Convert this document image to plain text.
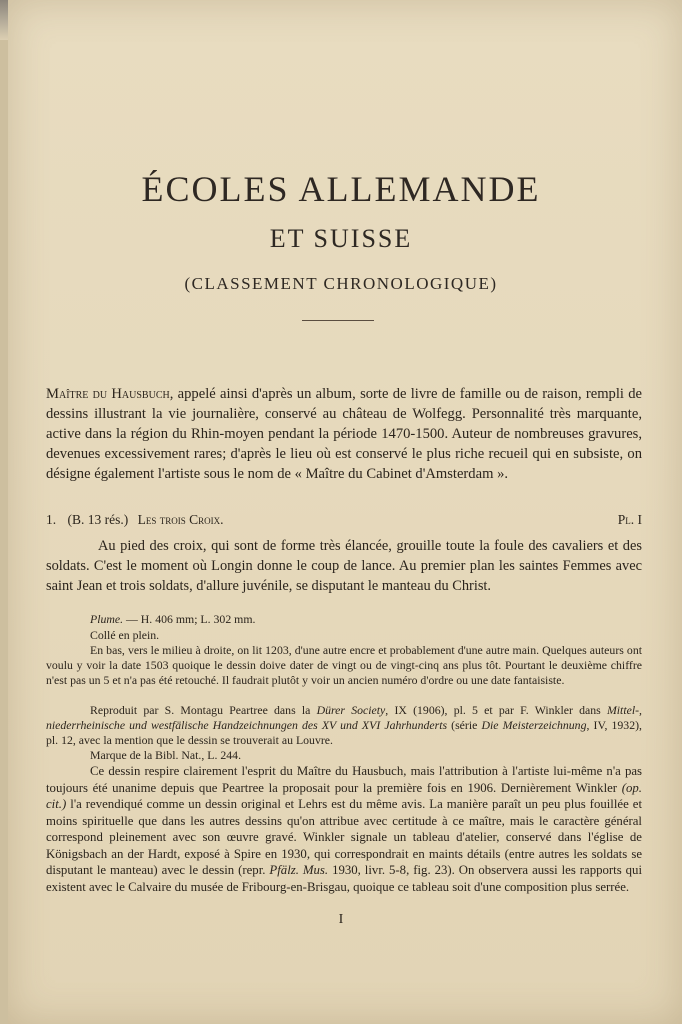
ÉCOLES ALLEMANDE
ET SUISSE
(CLASSEMENT CHRONOLOGIQUE)
Maître du Hausbuch, appelé ainsi d'après un album, sorte de livre de famille ou de raison, rempli de dessins illustrant la vie journalière, conservé au château de Wolfegg. Personnalité très marquante, active dans la région du Rhin-moyen pendant la période 1470-1500. Auteur de nombreuses gravures, devenues excessivement rares; d'après le lieu où est conservé le plus riche recueil qui en subsiste, on désigne également l'artiste sous le nom de « Maître du Cabinet d'Amsterdam ».
1. (B. 13 rés.) Les trois Croix.	Pl. I
Au pied des croix, qui sont de forme très élancée, grouille toute la foule des cavaliers et des soldats. C'est le moment où Longin donne le coup de lance. Au premier plan les saintes Femmes avec saint Jean et trois soldats, d'allure juvénile, se disputant le manteau du Christ.
Plume. — H. 406 mm; L. 302 mm.
Collé en plein.
En bas, vers le milieu à droite, on lit 1203, d'une autre encre et probablement d'une autre main. Quelques auteurs ont voulu y voir la date 1503 quoique le dessin doive dater de vingt ou de vingt-cinq ans plus tôt. Pourtant le deuxième chiffre n'est pas un 5 et n'a pas été retouché. Il faudrait plutôt y voir un ancien numéro d'ordre ou une date fantaisiste.
Reproduit par S. Montagu Peartree dans la Dürer Society, IX (1906), pl. 5 et par F. Winkler dans Mittel-, niederrheinische und westfälische Handzeichnungen des XV und XVI Jahrhunderts (série Die Meisterzeichnung, IV, 1932), pl. 12, avec la mention que le dessin se trouverait au Louvre.
Marque de la Bibl. Nat., L. 244.
Ce dessin respire clairement l'esprit du Maître du Hausbuch, mais l'attribution à l'artiste lui-même n'a pas toujours été unanime depuis que Peartree la proposait pour la première fois en 1906. Dernièrement Winkler (op. cit.) l'a revendiqué comme un dessin original et Lehrs est du même avis. La manière paraît un peu plus fouillée et moins spirituelle que dans les autres dessins qu'on attribue avec certitude à ce maître, mais le caractère général correspond pleinement avec son œuvre gravé. Winkler signale un tableau d'atelier, conservé dans l'église de Königsbach an der Hardt, exposé à Spire en 1930, qui correspondrait en maints détails (entre autres les soldats se disputant le manteau) avec le dessin (repr. Pfälz. Mus. 1930, livr. 5-8, fig. 23). On observera aussi les rapports qui existent avec le Calvaire du musée de Fribourg-en-Brisgau, quoique ce tableau soit d'une composition plus serrée.
I
